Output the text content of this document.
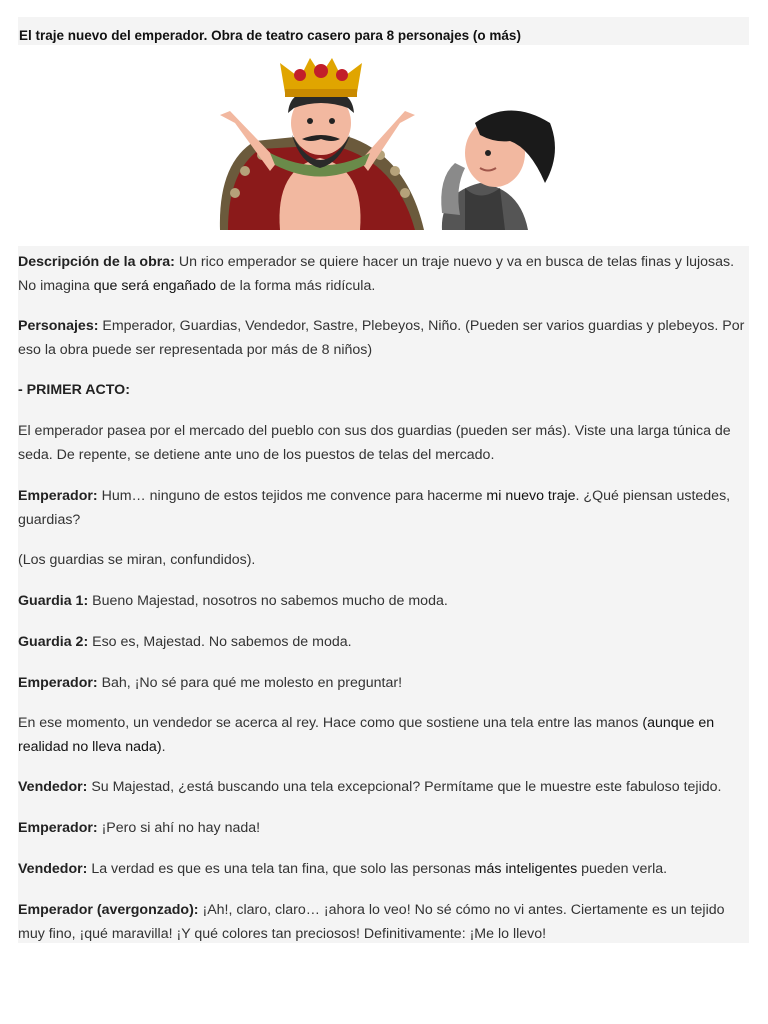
El traje nuevo del emperador. Obra de teatro casero para 8 personajes (o más)

Descripción de la obra: Un rico emperador se quiere hacer un traje nuevo y va en busca de telas finas y lujosas. No imagina que será engañado de la forma más ridícula.

Personajes: Emperador, Guardias, Vendedor, Sastre, Plebeyos, Niño. (Pueden ser varios guardias y plebeyos. Por eso la obra puede ser representada por más de 8 niños)

- PRIMER ACTO:

El emperador pasea por el mercado del pueblo con sus dos guardias (pueden ser más). Viste una larga túnica de seda. De repente, se detiene ante uno de los puestos de telas del mercado.

Emperador: Hum… ninguno de estos tejidos me convence para hacerme mi nuevo traje. ¿Qué piensan ustedes, guardias?

(Los guardias se miran, confundidos).

Guardia 1: Bueno Majestad, nosotros no sabemos mucho de moda.

Guardia 2: Eso es, Majestad. No sabemos de moda.

Emperador: Bah, ¡No sé para qué me molesto en preguntar!

En ese momento, un vendedor se acerca al rey. Hace como que sostiene una tela entre las manos (aunque en realidad no lleva nada).

Vendedor: Su Majestad, ¿está buscando una tela excepcional? Permítame que le muestre este fabuloso tejido.

Emperador: ¡Pero si ahí no hay nada!

Vendedor: La verdad es que es una tela tan fina, que solo las personas más inteligentes pueden verla.

Emperador (avergonzado): ¡Ah!, claro, claro… ¡ahora lo veo! No sé cómo no vi antes. Ciertamente es un tejido muy fino, ¡qué maravilla! ¡Y qué colores tan preciosos! Definitivamente: ¡Me lo llevo!
